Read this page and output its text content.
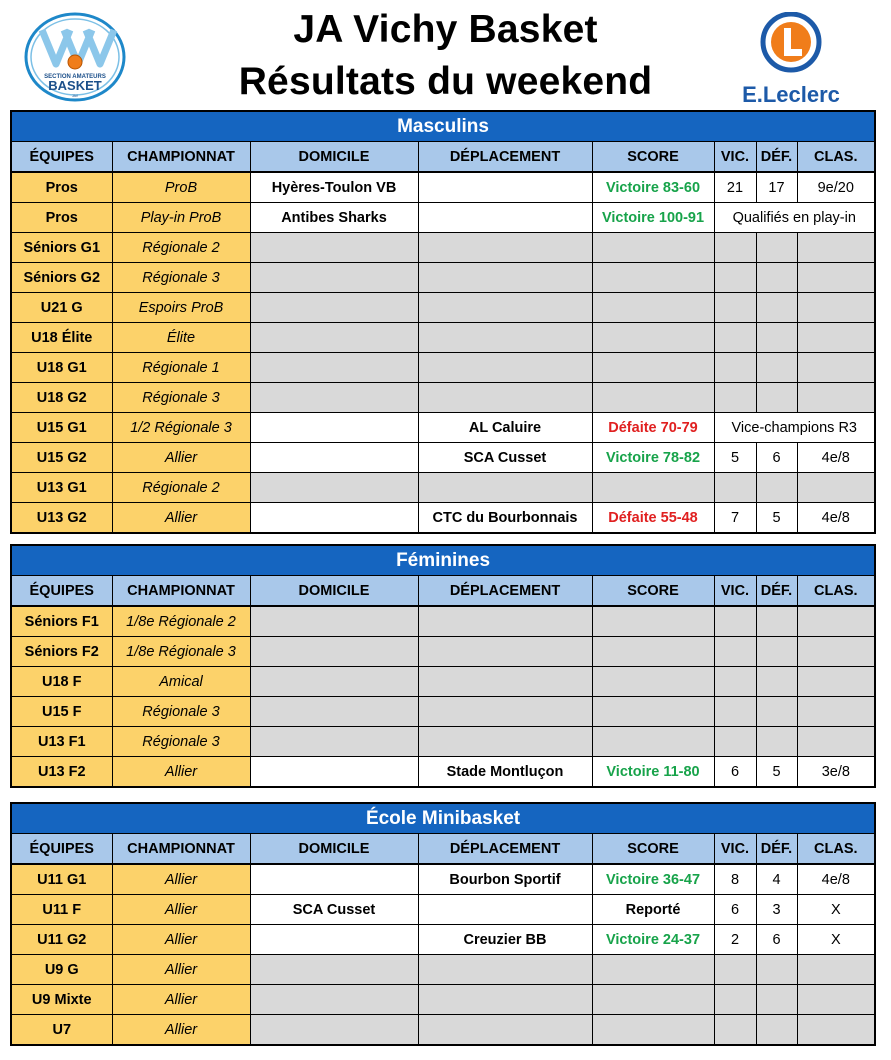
SECTION AMATEURS
BASKET
JAV
JA Vichy Basket
Résultats du weekend	E.Leclerc
Masculins							
ÉQUIPES	CHAMPIONNAT	DOMICILE	DÉPLACEMENT	SCORE	VIC.	DÉF.	CLAS.
Pros	ProB	Hyères-Toulon VB		Victoire 83-60	21	17	9e/20
Pros	Play-in ProB	Antibes Sharks		Victoire 100-91	Qualifiés en play-in		
Séniors G1	Régionale 2						
Séniors G2	Régionale 3						
U21 G	Espoirs ProB						
U18 Élite	Élite						
U18 G1	Régionale 1						
U18 G2	Régionale 3						
U15 G1	1/2 Régionale 3		AL Caluire	Défaite 70-79	Vice-champions R3		
U15 G2	Allier		SCA Cusset	Victoire 78-82	5	6	4e/8
U13 G1	Régionale 2						
U13 G2	Allier		CTC du Bourbonnais	Défaite 55-48	7	5	4e/8
Féminines							
ÉQUIPES	CHAMPIONNAT	DOMICILE	DÉPLACEMENT	SCORE	VIC.	DÉF.	CLAS.
Séniors F1	1/8e Régionale 2						
Séniors F2	1/8e Régionale 3						
U18 F	Amical						
U15 F	Régionale 3						
U13 F1	Régionale 3						
U13 F2	Allier		Stade Montluçon	Victoire 11-80	6	5	3e/8
École Minibasket							
ÉQUIPES	CHAMPIONNAT	DOMICILE	DÉPLACEMENT	SCORE	VIC.	DÉF.	CLAS.
U11 G1	Allier		Bourbon Sportif	Victoire 36-47	8	4	4e/8
U11 F	Allier	SCA Cusset		Reporté	6	3	X
U11 G2	Allier		Creuzier BB	Victoire 24-37	2	6	X
U9 G	Allier						
U9 Mixte	Allier						
U7	Allier						
